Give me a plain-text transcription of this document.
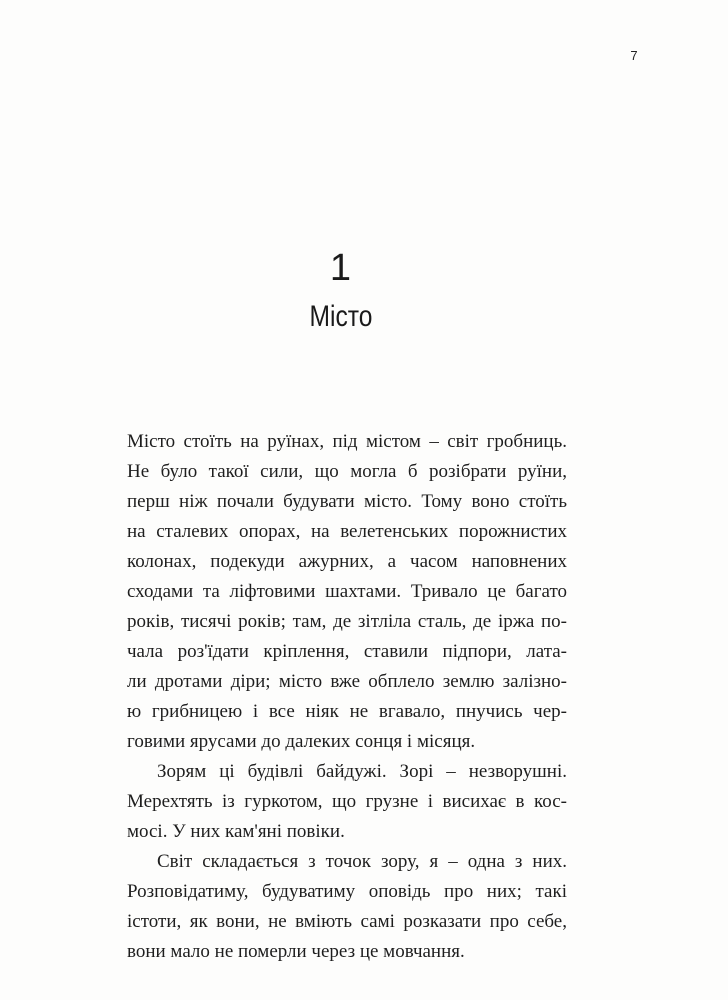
7
1
Місто

Місто стоїть на руїнах, під містом – світ гробниць.
Не було такої сили, що могла б розібрати руїни,
перш ніж почали будувати місто. Тому воно стоїть
на сталевих опорах, на велетенських порожнистих
колонах, подекуди ажурних, а часом наповнених
сходами та ліфтовими шахтами. Тривало це багато
років, тисячі років; там, де зітліла сталь, де іржа по-
чала роз'їдати кріплення, ставили підпори, лата-
ли дротами діри; місто вже обплело землю залізно-
ю грибницею і все ніяк не вгавало, пнучись чер-
говими ярусами до далеких сонця і місяця.

Зорям ці будівлі байдужі. Зорі – незворушні.
Мерехтять із гуркотом, що грузне і висихає в кос-
мосі. У них кам'яні повіки.

Світ складається з точок зору, я – одна з них.
Розповідатиму, будуватиму оповідь про них; такі
істоти, як вони, не вміють самі розказати про себе,
вони мало не померли через це мовчання.
